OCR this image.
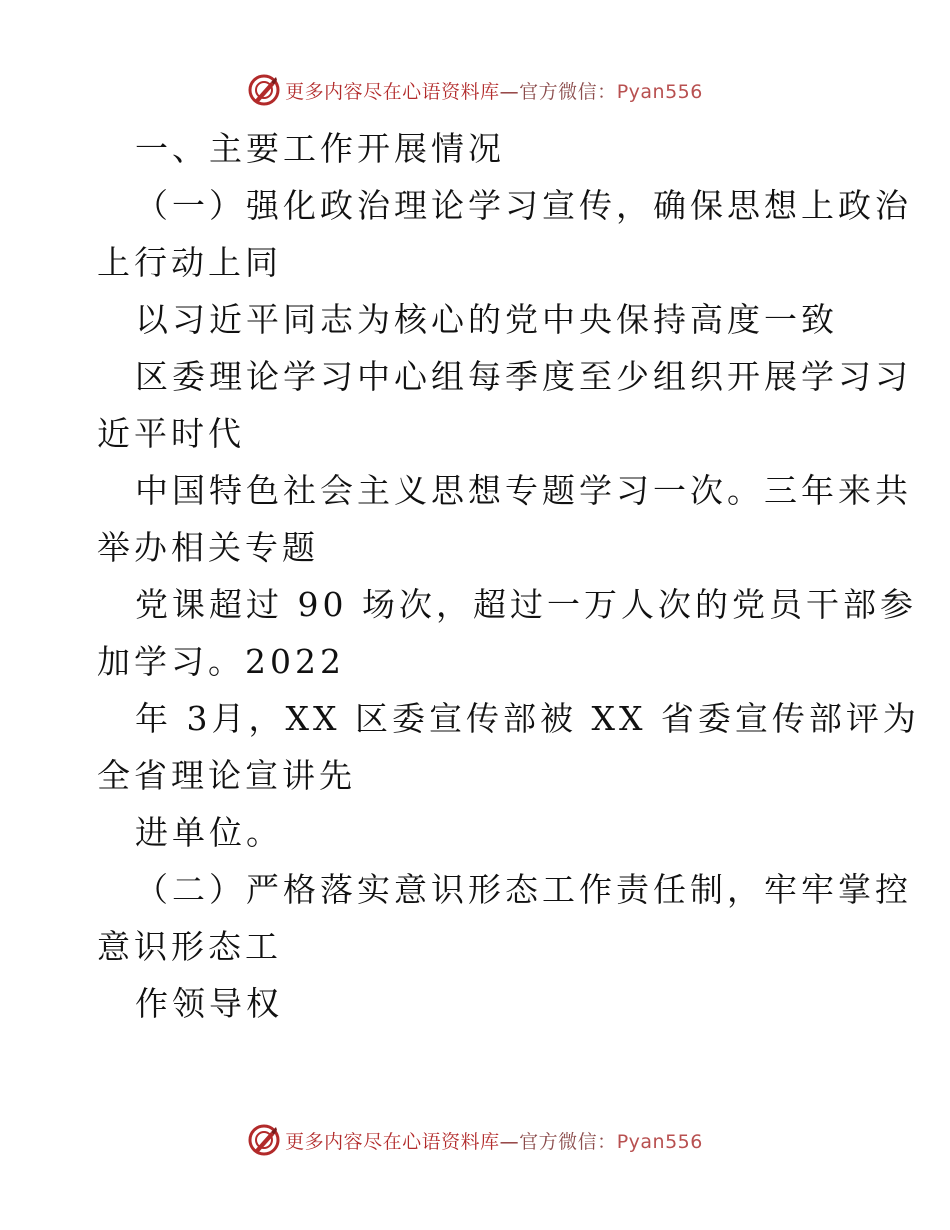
更多内容尽在心语资料库—官方微信：Pyan556

一、主要工作开展情况

（一）强化政治理论学习宣传，确保思想上政治

上行动上同

以习近平同志为核心的党中央保持高度一致

区委理论学习中心组每季度至少组织开展学习习

近平时代

中国特色社会主义思想专题学习一次。三年来共

举办相关专题

党课超过 90 场次，超过一万人次的党员干部参

加学习。2022

年 3月，XX 区委宣传部被 XX 省委宣传部评为

全省理论宣讲先

进单位。

（二）严格落实意识形态工作责任制，牢牢掌控

意识形态工

作领导权

更多内容尽在心语资料库—官方微信：Pyan556
